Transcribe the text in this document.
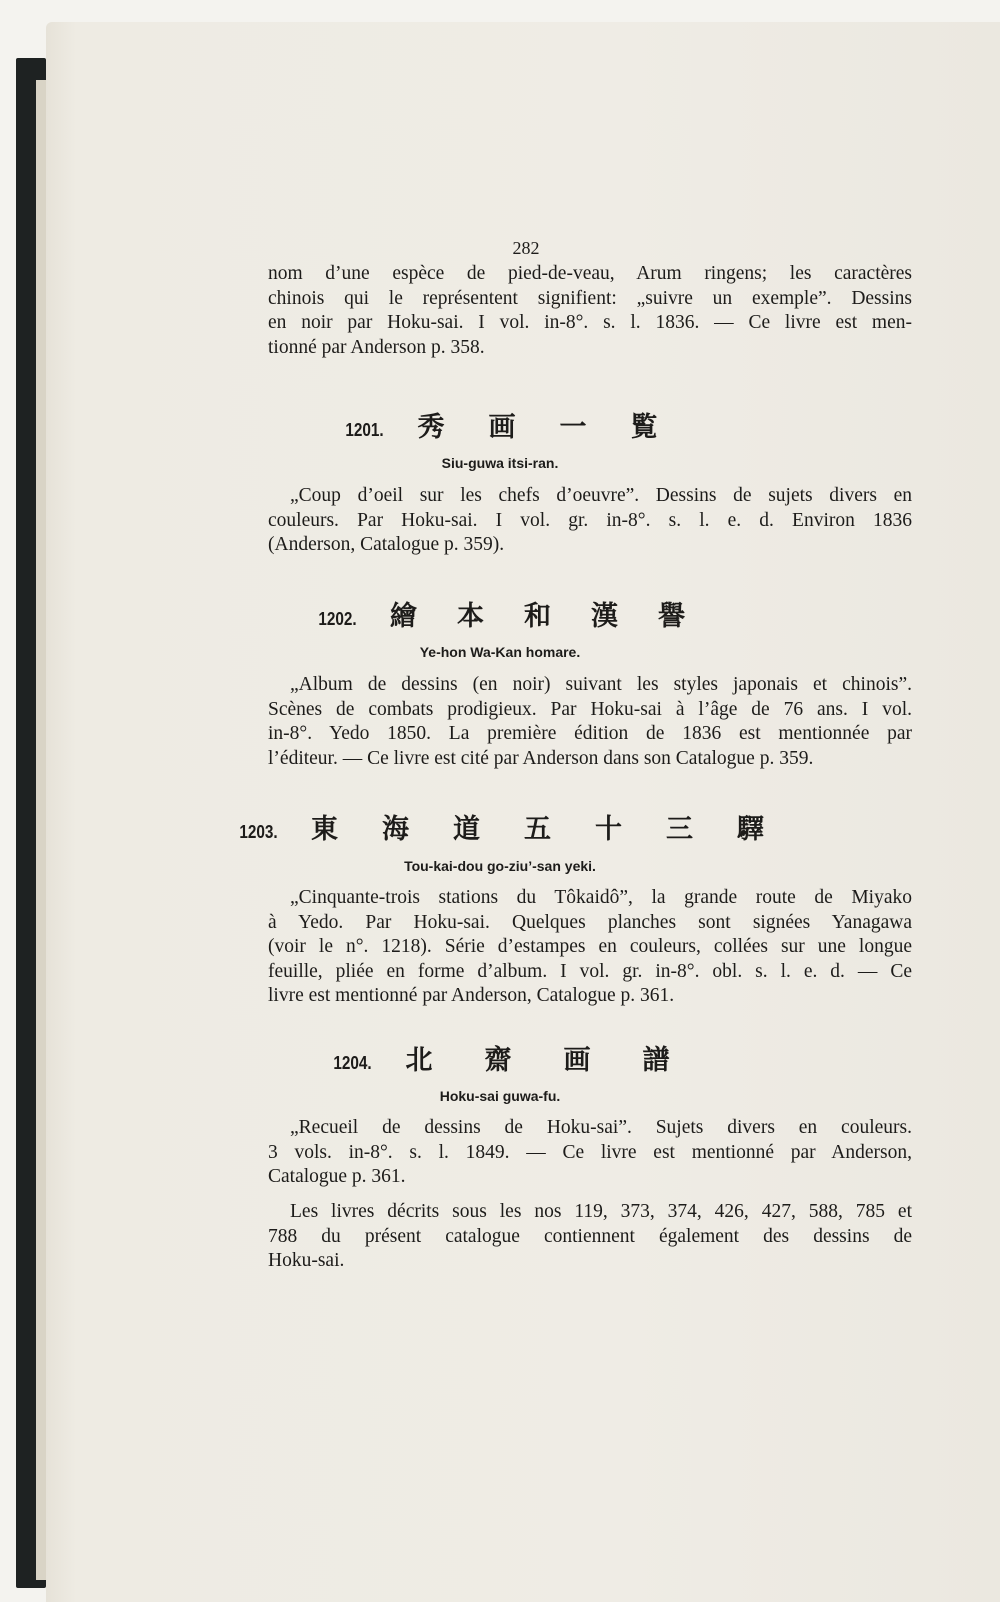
282
nom d’une espèce de pied-de-veau, Arum ringens; les caractères
chinois qui le représentent signifient: „suivre un exemple”. Dessins
en noir par Hoku-sai. I vol. in-8°. s. l. 1836. — Ce livre est men-
tionné par Anderson p. 358.
1201. 秀 画 一 覧
Siu-guwa itsi-ran.
„Coup d’oeil sur les chefs d’oeuvre”. Dessins de sujets divers en
couleurs. Par Hoku-sai. I vol. gr. in-8°. s. l. e. d. Environ 1836
(Anderson, Catalogue p. 359).
1202. 繪 本 和 漢 譽
Ye-hon Wa-Kan homare.
„Album de dessins (en noir) suivant les styles japonais et chinois”.
Scènes de combats prodigieux. Par Hoku-sai à l’âge de 76 ans. I vol.
in-8°. Yedo 1850. La première édition de 1836 est mentionnée par
l’éditeur. — Ce livre est cité par Anderson dans son Catalogue p. 359.
1203. 東 海 道 五 十 三 驛
Tou-kai-dou go-ziu’-san yeki.
„Cinquante-trois stations du Tôkaidô”, la grande route de Miyako
à Yedo. Par Hoku-sai. Quelques planches sont signées Yanagawa
(voir le n°. 1218). Série d’estampes en couleurs, collées sur une longue
feuille, pliée en forme d’album. I vol. gr. in-8°. obl. s. l. e. d. — Ce
livre est mentionné par Anderson, Catalogue p. 361.
1204. 北 齋 画 譜
Hoku-sai guwa-fu.
„Recueil de dessins de Hoku-sai”. Sujets divers en couleurs.
3 vols. in-8°. s. l. 1849. — Ce livre est mentionné par Anderson,
Catalogue p. 361.
Les livres décrits sous les nos 119, 373, 374, 426, 427, 588, 785 et
788 du présent catalogue contiennent également des dessins de
Hoku-sai.
